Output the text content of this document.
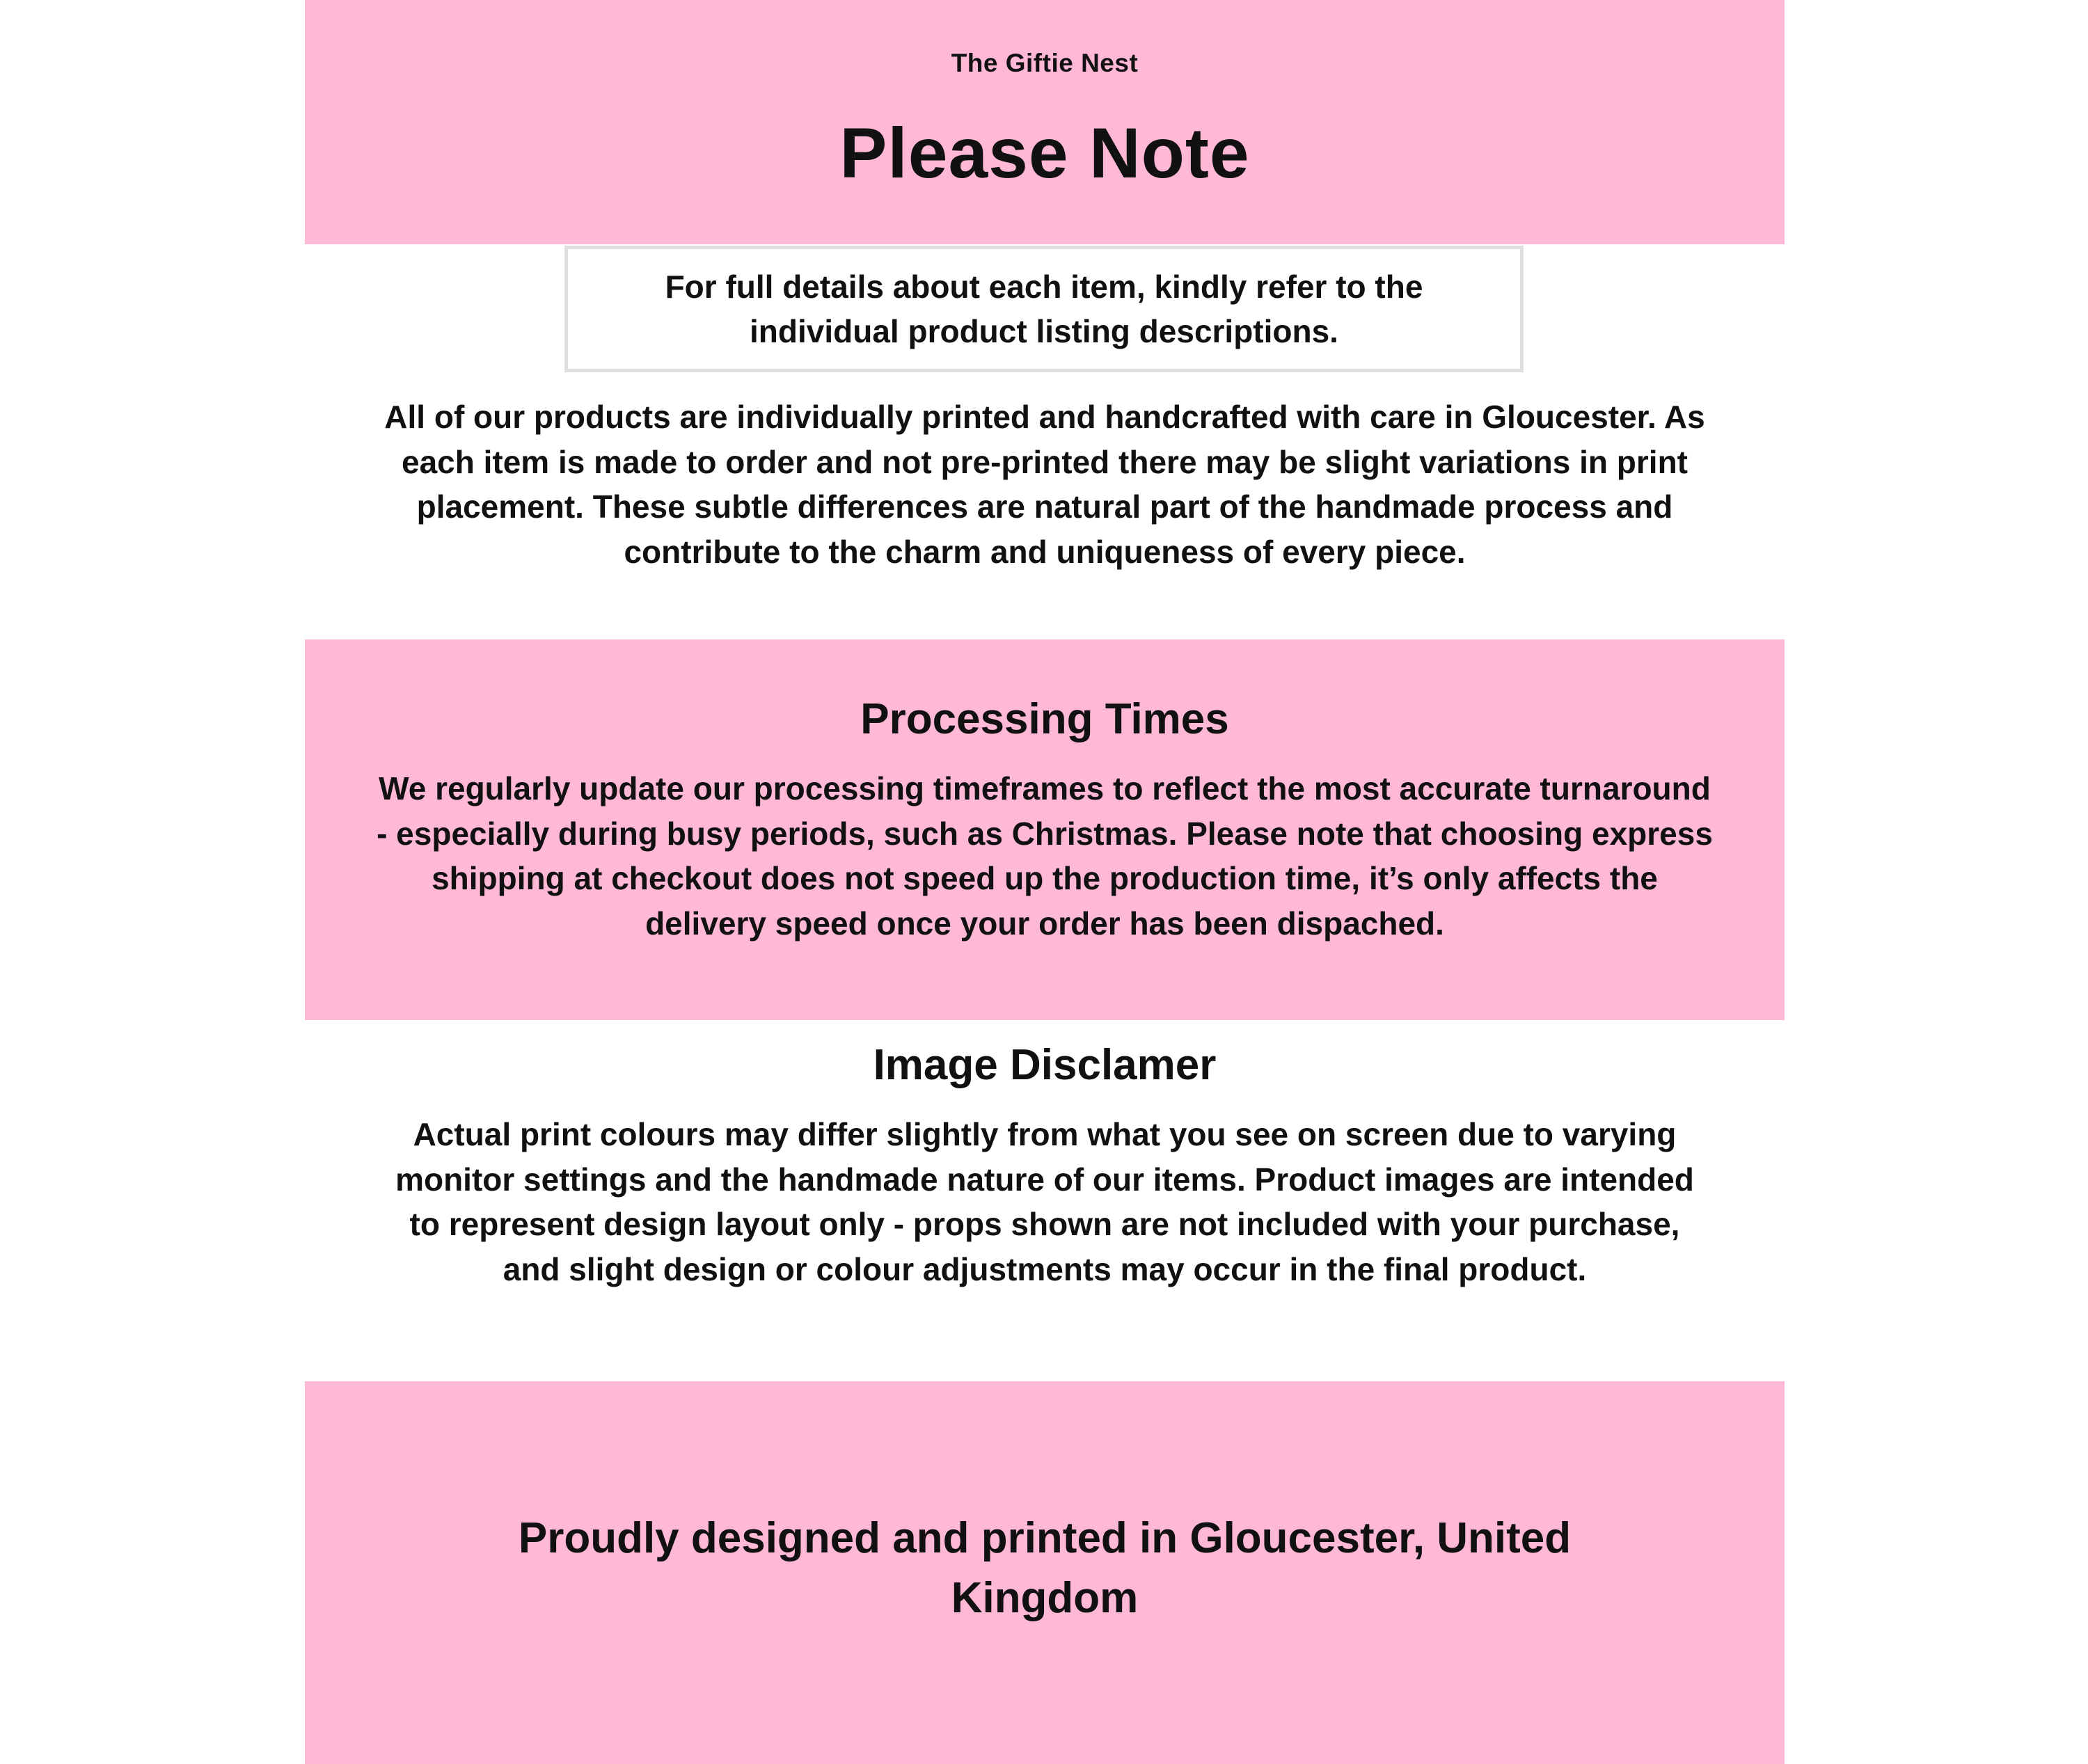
The Giftie Nest
Please Note
For full details about each item, kindly refer to the individual product listing descriptions.
All of our products are individually printed and handcrafted with care in Gloucester. As each item is made to order and not pre-printed there may be slight variations in print placement. These subtle differences are natural part of the handmade process and contribute to the charm and uniqueness of every piece.
Processing Times
We regularly update our processing timeframes to reflect the most accurate turnaround - especially during busy periods, such as Christmas. Please note that choosing express shipping at checkout does not speed up the production time, it’s only affects the delivery speed once your order has been dispached.
Image Disclamer
Actual print colours may differ slightly from what you see on screen due to varying monitor settings and the handmade nature of our items. Product images are intended to represent design layout only - props shown are not included with your purchase, and slight design or colour adjustments may occur in the final product.
Proudly designed and printed in Gloucester, United Kingdom
